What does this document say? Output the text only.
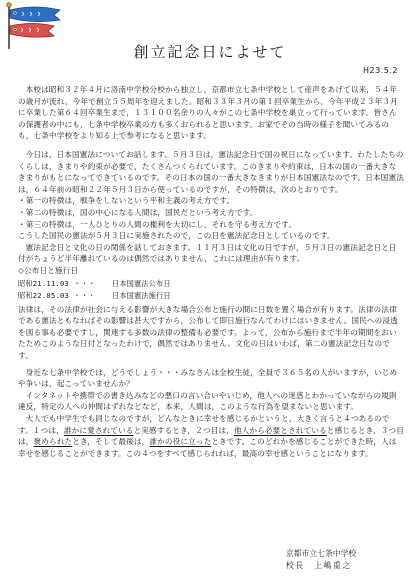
創立記念日によせて
H23.5.2

本校は昭和３２年４月に洛南中学校分校から独立し，京都市立七条中学校として産声をあげて以来，５４年の歳月が流れ，今年で創立５５周年を迎えました。昭和３３年３月の第１回卒業生から，今年平成２３年３月に卒業した第６４回卒業生まで，１３１００名余りの人々がこの七条中学校を巣立って行っています。皆さんの保護者の中にも，七条中学校卒業の方も多くおられると思います。お家でその当時の様子を聞いてみるのも，七条中学校をより知る上で参考になると思います。

今日は，日本国憲法についてお話します。５月３日は，憲法記念日で国の祝日になっています。わたしたちのくらしは，きまりや約束が必要で，たくさんつくられています。このきまりや約束は，日本の国の一番大きなきまりがもとになってできているのです。その日本の国の一番大きなきまりが日本国憲法なのです。日本国憲法は，６４年前の昭和２２年５月３日から使っているのですが，その特徴は，次のとおりです。

・第一の特徴は，戦争をしないという平和主義の考え方です。
・第二の特徴は，国の中心になる人間は，国民だという考え方です。
・第三の特徴は，一人ひとりの人間の権利を大切にし，それを守る考え方です。

こうした国民の憲法が５月３日に実施されたので，この日を憲法記念日としているのです。

憲法記念日と文化の日の関係を話しておきます。１１月３日は文化の日ですが，５月３日の憲法記念日と日付がちょうど半年離れているのは偶然ではありません，これには理由が有ります。

◇公布日と施行日

昭和21.11.03 ・・・ 日本国憲法公布日
昭和22.05.03 ・・・ 日本国憲法施行日

法律は，その法律が社会に与える影響が大きな場合公布と施行の間に日数を置く場合が有ります。法律の法律である憲法ともなればその影響は甚大ですから，公布して即日施行なんてわけにはいきません。国民への浸透を図る事も必要ですし，関連する多数の法律の整備も必要です。よって，公布から施行まで半年の期間をおいたためこのような日付となったわけで，偶然ではありません。文化の日はいわば，第二の憲法記念日なのです。

身近な七条中学校では，どうでしょう・・・みなさんは全校生徒，全員で３６５名の人がいますが，いじめや争いは，起こっていませんか？

インタネットや携帯での書き込みなどの悪口の言い合いやいじめ，他人への迷惑とわかっていながらの規則違反，特定の人への仲間はずれなどなど，本来，人間は，このような行為を望まないと思います。

大人でも中学生でも同じなのですが，どんなときに幸せを感じるかというと，大きく言うと４つあるのです。１つは，誰かに愛されていると実感するとき，２つ目は，他人から必要とされていると感じるとき，３つ目は，褒められたとき，そして最後は，誰かの役に立ったときです。このどれかを感じることができた時，人は幸せを感じることができます。この４つをすべて感じられれば，最高の幸せ感ということになります。

京都市立七条中学校
校長　上嶋重之
